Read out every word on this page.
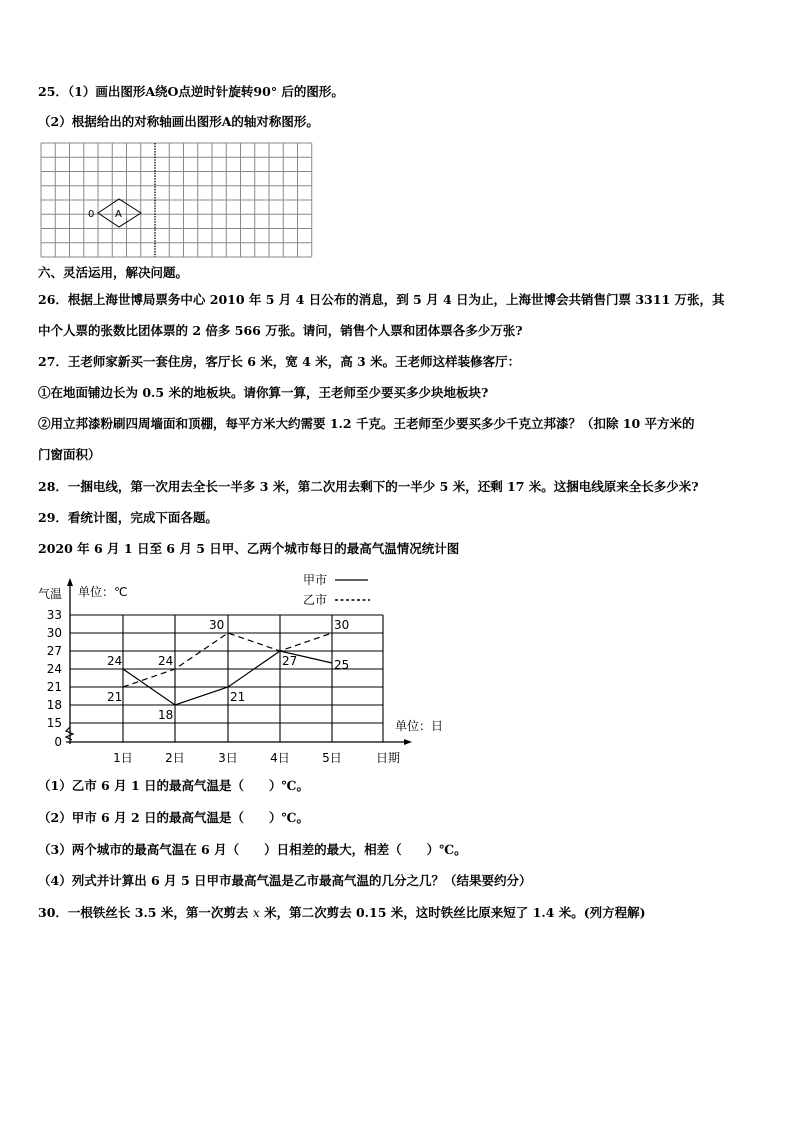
25．（1）画出图形A绕O点逆时针旋转90° 后的图形。
（2）根据给出的对称轴画出图形A的轴对称图形。
0 A
六、灵活运用，解决问题。
26．根据上海世博局票务中心 2010 年 5 月 4 日公布的消息，到 5 月 4 日为止，上海世博会共销售门票 3311 万张，其
中个人票的张数比团体票的 2 倍多 566 万张。请问，销售个人票和团体票各多少万张?
27．王老师家新买一套住房，客厅长 6 米，宽 4 米，高 3 米。王老师这样装修客厅：
①在地面铺边长为 0.5 米的地板块。请你算一算，王老师至少要买多少块地板块?
②用立邦漆粉刷四周墙面和顶棚，每平方米大约需要 1.2 千克。王老师至少要买多少千克立邦漆？（扣除 10 平方米的
门窗面积）
28．一捆电线，第一次用去全长一半多 3 米，第二次用去剩下的一半少 5 米，还剩 17 米。这捆电线原来全长多少米?
29．看统计图，完成下面各题。
2020 年 6 月 1 日至 6 月 5 日甲、乙两个城市每日的最高气温情况统计图
0
15
18
21
24
27
30
33
1日	2日	3日	4日	5日
24
21
24
18
30
21
27
30
25
气温 单位：℃
单位：日
日期
甲市
乙市
（1）乙市 6 月 1 日的最高气温是（　　）℃。
（2）甲市 6 月 2 日的最高气温是（　　）℃。
（3）两个城市的最高气温在 6 月（　　）日相差的最大，相差（　　）℃。
（4）列式并计算出 6 月 5 日甲市最高气温是乙市最高气温的几分之几？（结果要约分）
30．一根铁丝长 3.5 米，第一次剪去 x 米，第二次剪去 0.15 米，这时铁丝比原来短了 1.4 米。(列方程解)
